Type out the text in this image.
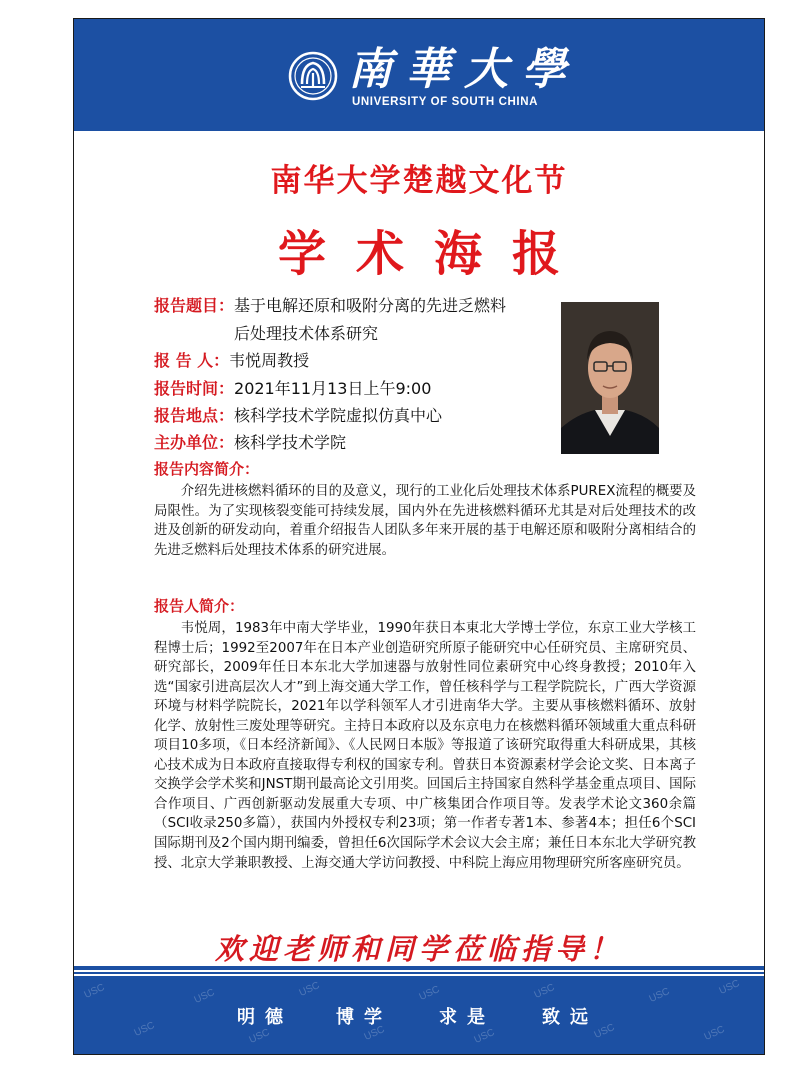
南華大學
UNIVERSITY OF SOUTH CHINA
南华大学楚越文化节
学术海报
报告题目：基于电解还原和吸附分离的先进乏燃料
后处理技术体系研究
报 告 人：韦悦周教授
报告时间：2021年11月13日上午9:00
报告地点：核科学技术学院虚拟仿真中心
主办单位：核科学技术学院
报告内容简介：

介绍先进核燃料循环的目的及意义，现行的工业化后处理技术体系PUREX流程的概要及局限性。为了实现核裂变能可持续发展，国内外在先进核燃料循环尤其是对后处理技术的改进及创新的研发动向，着重介绍报告人团队多年来开展的基于电解还原和吸附分离相结合的先进乏燃料后处理技术体系的研究进展。

报告人简介：

韦悦周，1983年中南大学毕业，1990年获日本東北大学博士学位，东京工业大学核工程博士后；1992至2007年在日本产业创造研究所原子能研究中心任研究员、主席研究员、研究部长，2009年任日本东北大学加速器与放射性同位素研究中心终身教授；2010年入选“国家引进高层次人才”到上海交通大学工作，曾任核科学与工程学院院长，广西大学资源环境与材料学院院长，2021年以学科领军人才引进南华大学。主要从事核燃料循环、放射化学、放射性三废处理等研究。主持日本政府以及东京电力在核燃料循环领域重大重点科研项目10多项，《日本经济新闻》、《人民网日本版》等报道了该研究取得重大科研成果，其核心技术成为日本政府直接取得专利权的国家专利。曾获日本资源素材学会论文奖、日本离子交换学会学术奖和JNST期刊最高论文引用奖。回国后主持国家自然科学基金重点项目、国际合作项目、广西创新驱动发展重大专项、中广核集团合作项目等。发表学术论文360余篇（SCI收录250多篇），获国内外授权专利23项；第一作者专著1本、参著4本；担任6个SCI国际期刊及2个国内期刊编委，曾担任6次国际学术会议大会主席；兼任日本东北大学研究教授、北京大学兼职教授、上海交通大学访问教授、中科院上海应用物理研究所客座研究员。

欢迎老师和同学莅临指导！
USC
USC
USC
USC
USC
USC
USC
USC
USC
USC
USC
USC
USC
明德 博学	求是	致远
